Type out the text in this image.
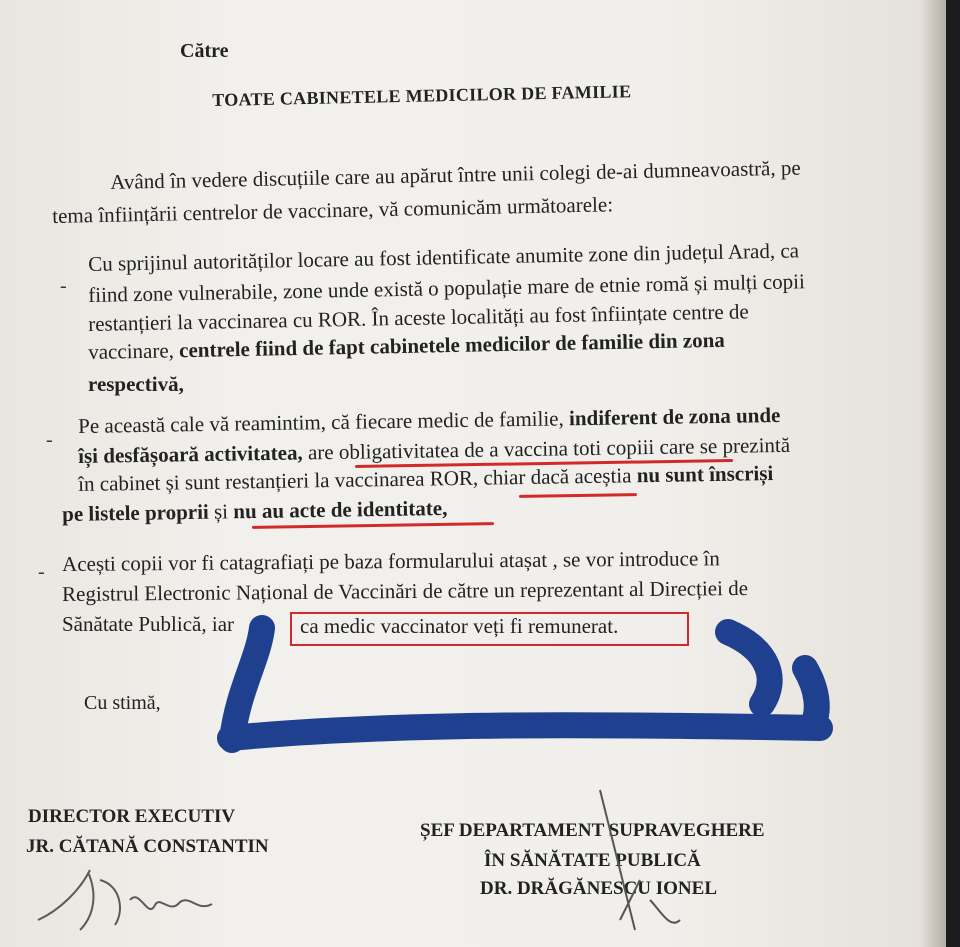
Către
TOATE CABINETELE MEDICILOR DE FAMILIE
Având în vedere discuțiile care au apărut între unii colegi de-ai dumneavoastră, pe
tema înființării centrelor de vaccinare, vă comunicăm următoarele:
-
Cu sprijinul autorităților locare au fost identificate anumite zone din județul Arad, ca
fiind zone vulnerabile, zone unde există o populație mare de etnie romă și mulți copii
restanțieri la vaccinarea cu ROR. În aceste localități au fost înființate centre de
vaccinare, centrele fiind de fapt cabinetele medicilor de familie din zona
respectivă,
-
Pe această cale vă reamintim, că fiecare medic de familie, indiferent de zona unde
își desfășoară activitatea, are obligativitatea de a vaccina toti copiii care se prezintă
în cabinet și sunt restanțieri la vaccinarea ROR, chiar dacă aceștia nu sunt înscriși
pe listele proprii și nu au acte de identitate,
- Acești copii vor fi catagrafiați pe baza formularului atașat , se vor introduce în
Registrul Electronic Național de Vaccinări de către un reprezentant al Direcției de
Sănătate Publică, iar	ca medic vaccinator veți fi remunerat.
Cu stimă,
DIRECTOR EXECUTIV
JR. CĂTANĂ CONSTANTIN
ȘEF DEPARTAMENT SUPRAVEGHERE
ÎN SĂNĂTATE PUBLICĂ
DR. DRĂGĂNESCU IONEL
